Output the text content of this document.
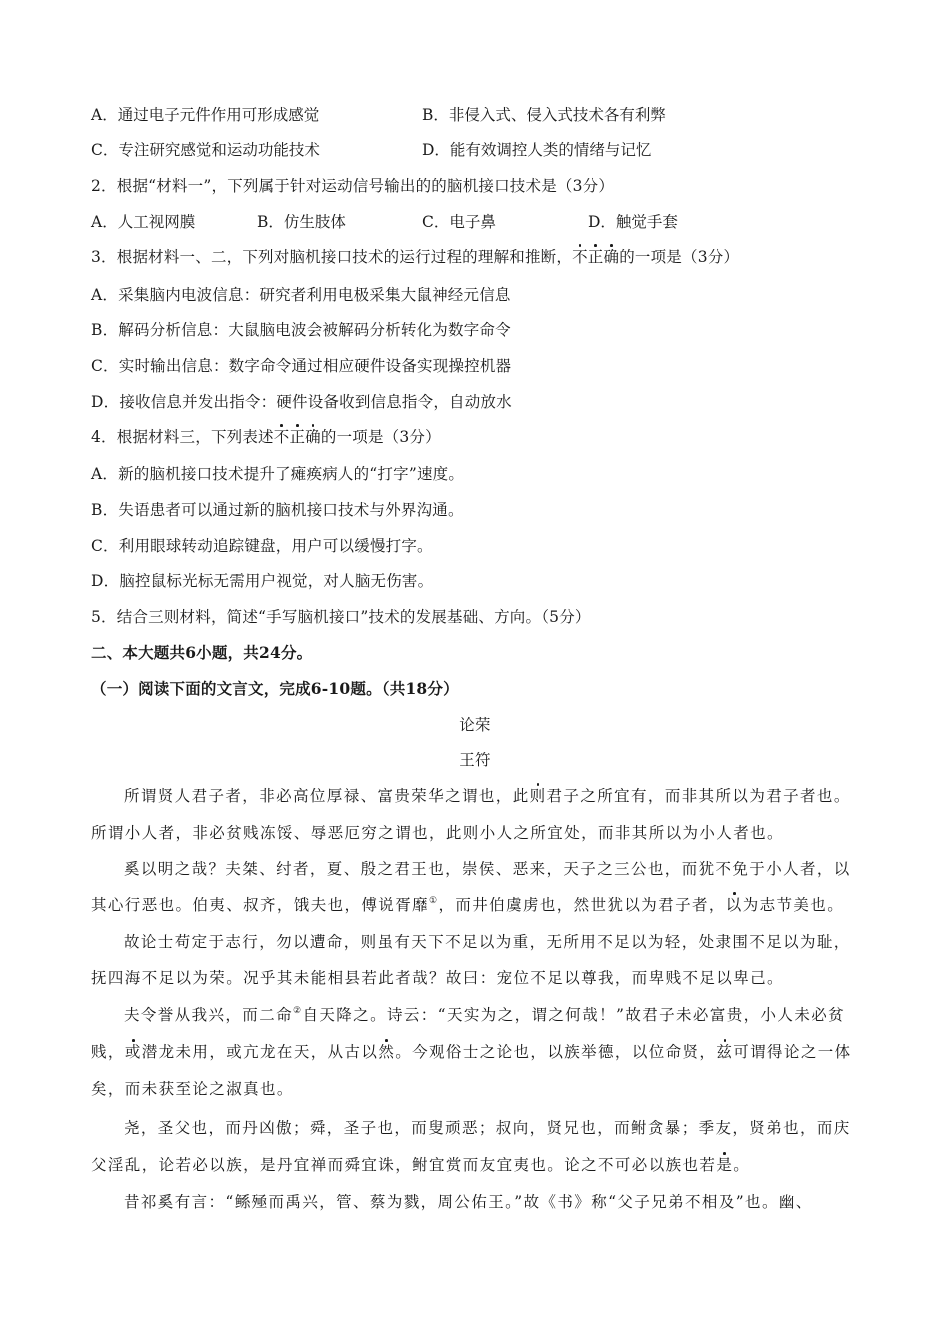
A．通过电子元件作用可形成感觉	B．非侵入式、侵入式技术各有利弊
C．专注研究感觉和运动功能技术	D．能有效调控人类的情绪与记忆
2．根据“材料一”，下列属于针对运动信号输出的的脑机接口技术是（3分）
A．人工视网膜	B．仿生肢体	C．电子鼻	D．触觉手套
3．根据材料一、二，下列对脑机接口技术的运行过程的理解和推断，不正确的一项是（3分）
A．采集脑内电波信息：研究者利用电极采集大鼠神经元信息
B．解码分析信息：大鼠脑电波会被解码分析转化为数字命令
C．实时输出信息：数字命令通过相应硬件设备实现操控机器
D．接收信息并发出指令：硬件设备收到信息指令，自动放水
4．根据材料三，下列表述不正确的一项是（3分）
A．新的脑机接口技术提升了瘫痪病人的“打字”速度。
B．失语患者可以通过新的脑机接口技术与外界沟通。
C．利用眼球转动追踪键盘，用户可以缓慢打字。
D．脑控鼠标光标无需用户视觉，对人脑无伤害。
5．结合三则材料，简述“手写脑机接口”技术的发展基础、方向。（5分）
二、本大题共6小题，共24分。
（一）阅读下面的文言文，完成6-10题。（共18分）
论荣
王符
所谓贤人君子者，非必高位厚禄、富贵荣华之谓也，此则君子之所宜有，而非其所以为君子者也。
所谓小人者，非必贫贱冻馁、辱恶厄穷之谓也，此则小人之所宜处，而非其所以为小人者也。
奚以明之哉？夫桀、纣者，夏、殷之君王也，崇侯、恶来，天子之三公也，而犹不免于小人者，以
其心行恶也。伯夷、叔齐，饿夫也，傅说胥靡①，而井伯虞虏也，然世犹以为君子者，以为志节美也。
故论士苟定于志行，勿以遭命，则虽有天下不足以为重，无所用不足以为轻，处隶围不足以为耻，
抚四海不足以为荣。况乎其未能相县若此者哉？故曰：宠位不足以尊我，而卑贱不足以卑己。
夫令誉从我兴，而二命②自天降之。诗云：“天实为之，谓之何哉！”故君子未必富贵，小人未必贫
贱，或潜龙未用，或亢龙在天，从古以然。今观俗士之论也，以族举德，以位命贤，兹可谓得论之一体
矣，而未获至论之淑真也。
尧，圣父也，而丹凶傲；舜，圣子也，而叟顽恶；叔向，贤兄也，而鲋贪暴；季友，贤弟也，而庆
父淫乱，论若必以族，是丹宜禅而舜宜诛，鲋宜赏而友宜夷也。论之不可必以族也若是。
昔祁奚有言：“鲧殛而禹兴，管、蔡为戮，周公佑王。”故《书》称“父子兄弟不相及”也。幽、
